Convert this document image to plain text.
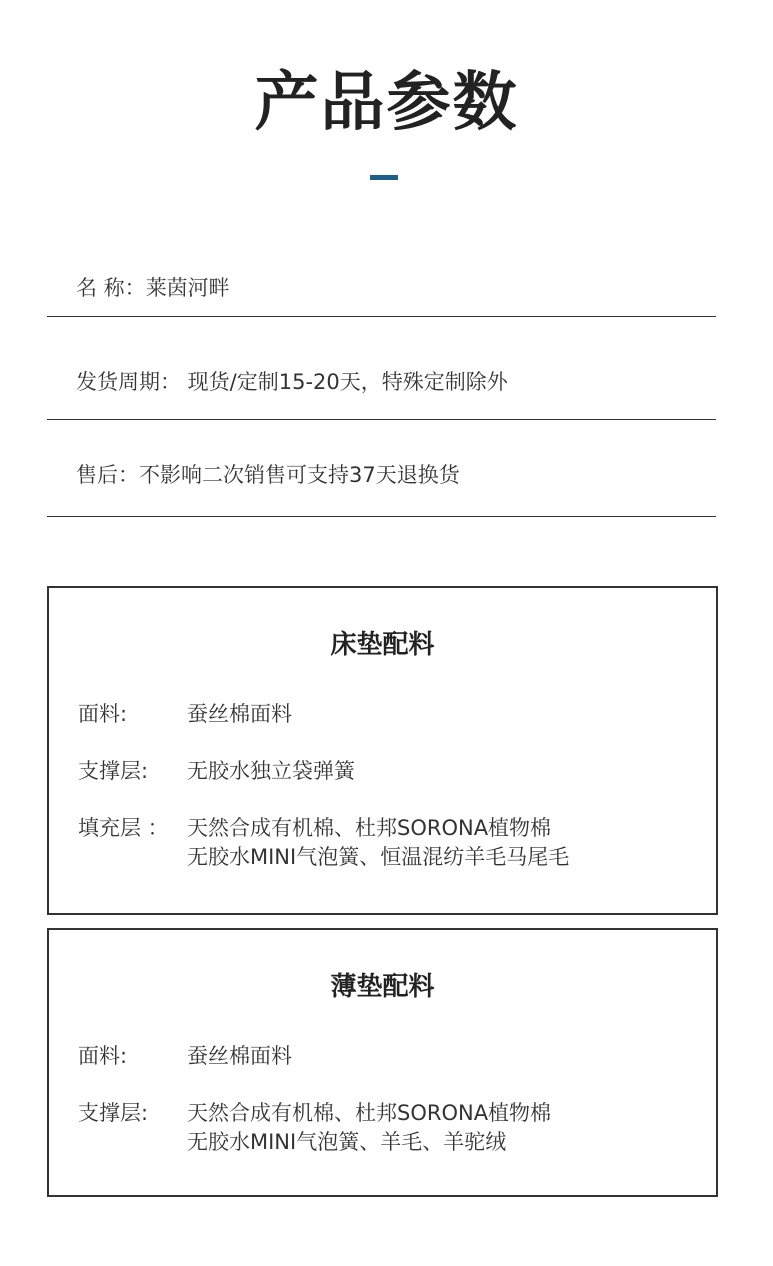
产品参数
名 称：莱茵河畔
发货周期： 现货/定制15-20天，特殊定制除外
售后：不影响二次销售可支持37天退换货
床垫配料
面料:	蚕丝棉面料
支撑层: 无胶水独立袋弹簧
填充层 ： 天然合成有机棉、杜邦SORONA植物棉
无胶水MINI气泡簧、恒温混纺羊毛马尾毛
薄垫配料
面料:	蚕丝棉面料
支撑层: 天然合成有机棉、杜邦SORONA植物棉
无胶水MINI气泡簧、羊毛、羊驼绒
